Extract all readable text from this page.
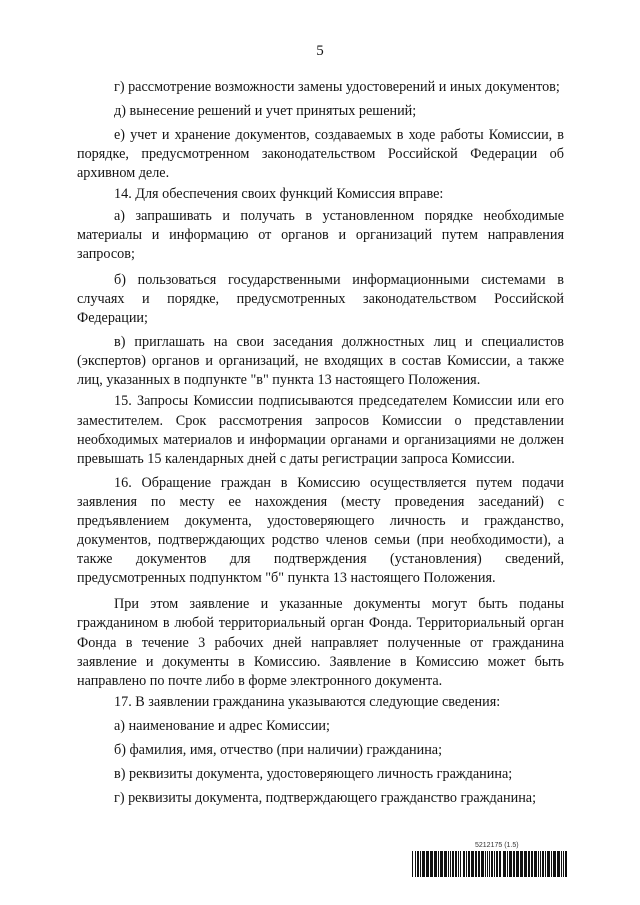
5

г) рассмотрение возможности замены удостоверений и иных документов;

д) вынесение решений и учет принятых решений;

е) учет и хранение документов, создаваемых в ходе работы Комиссии, в порядке, предусмотренном законодательством Российской Федерации об архивном деле.

14. Для обеспечения своих функций Комиссия вправе:

а) запрашивать и получать в установленном порядке необходимые материалы и информацию от органов и организаций путем направления запросов;

б) пользоваться государственными информационными системами в случаях и порядке, предусмотренных законодательством Российской Федерации;

в) приглашать на свои заседания должностных лиц и специалистов (экспертов) органов и организаций, не входящих в состав Комиссии, а также лиц, указанных в подпункте "в" пункта 13 настоящего Положения.

15. Запросы Комиссии подписываются председателем Комиссии или его заместителем. Срок рассмотрения запросов Комиссии о представлении необходимых материалов и информации органами и организациями не должен превышать 15 календарных дней с даты регистрации запроса Комиссии.

16. Обращение граждан в Комиссию осуществляется путем подачи заявления по месту ее нахождения (месту проведения заседаний) с предъявлением документа, удостоверяющего личность и гражданство, документов, подтверждающих родство членов семьи (при необходимости), а также документов для подтверждения (установления) сведений, предусмотренных подпунктом "б" пункта 13 настоящего Положения.

При этом заявление и указанные документы могут быть поданы гражданином в любой территориальный орган Фонда. Территориальный орган Фонда в течение 3 рабочих дней направляет полученные от гражданина заявление и документы в Комиссию. Заявление в Комиссию может быть направлено по почте либо в форме электронного документа.

17. В заявлении гражданина указываются следующие сведения:

а) наименование и адрес Комиссии;

б) фамилия, имя, отчество (при наличии) гражданина;

в) реквизиты документа, удостоверяющего личность гражданина;

г) реквизиты документа, подтверждающего гражданство гражданина;

5212175 (1.5)
